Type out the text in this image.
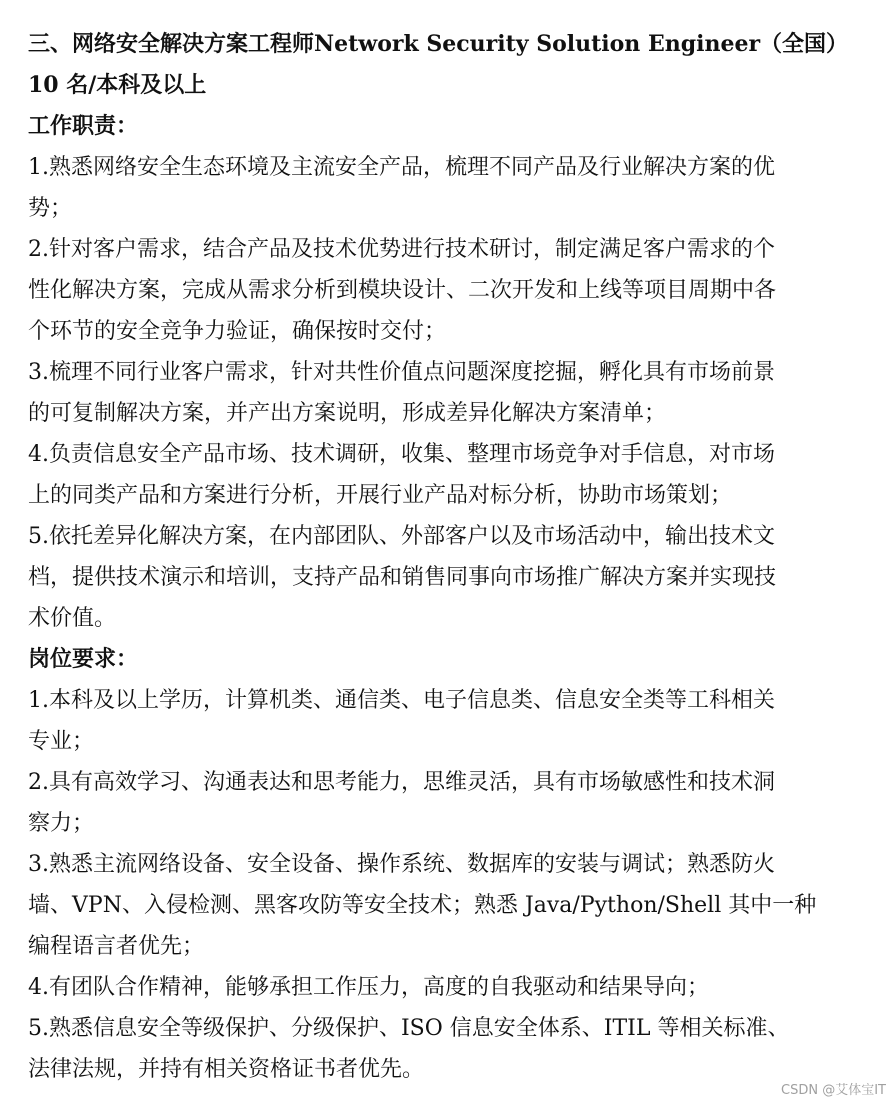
三、网络安全解决方案工程师Network Security Solution Engineer（全国）

10 名/本科及以上

工作职责：

1.熟悉网络安全生态环境及主流安全产品，梳理不同产品及行业解决方案的优

势；

2.针对客户需求，结合产品及技术优势进行技术研讨，制定满足客户需求的个

性化解决方案，完成从需求分析到模块设计、二次开发和上线等项目周期中各

个环节的安全竞争力验证，确保按时交付；

3.梳理不同行业客户需求，针对共性价值点问题深度挖掘，孵化具有市场前景

的可复制解决方案，并产出方案说明，形成差异化解决方案清单；

4.负责信息安全产品市场、技术调研，收集、整理市场竞争对手信息，对市场

上的同类产品和方案进行分析，开展行业产品对标分析，协助市场策划；

5.依托差异化解决方案，在内部团队、外部客户以及市场活动中，输出技术文

档，提供技术演示和培训，支持产品和销售同事向市场推广解决方案并实现技

术价值。

岗位要求：

1.本科及以上学历，计算机类、通信类、电子信息类、信息安全类等工科相关

专业；

2.具有高效学习、沟通表达和思考能力，思维灵活，具有市场敏感性和技术洞

察力；

3.熟悉主流网络设备、安全设备、操作系统、数据库的安装与调试；熟悉防火

墙、VPN、入侵检测、黑客攻防等安全技术；熟悉 Java/Python/Shell 其中一种

编程语言者优先；

4.有团队合作精神，能够承担工作压力，高度的自我驱动和结果导向；

5.熟悉信息安全等级保护、分级保护、ISO 信息安全体系、ITIL 等相关标准、

法律法规，并持有相关资格证书者优先。

CSDN @艾体宝IT
